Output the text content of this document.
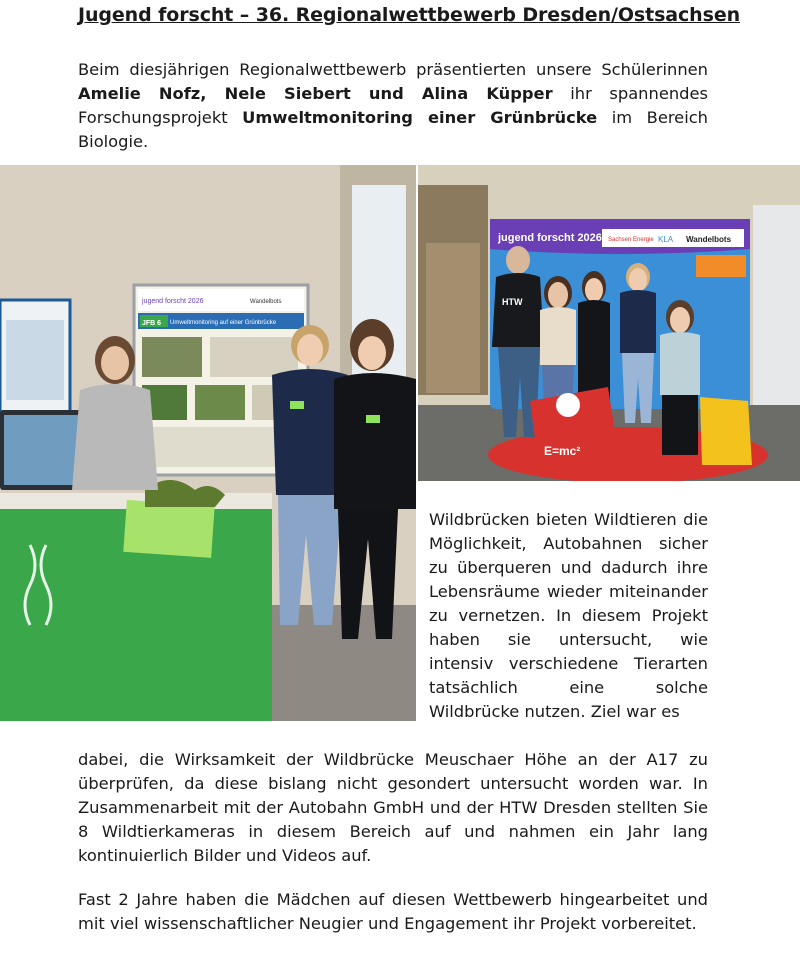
Jugend forscht – 36. Regionalwettbewerb Dresden/Ostsachsen
Beim diesjährigen Regionalwettbewerb präsentierten unsere Schülerinnen Amelie Nofz, Nele Siebert und Alina Küpper ihr spannendes Forschungsprojekt Umweltmonitoring einer Grünbrücke im Bereich Biologie.
jugend forscht 2026	Wandelbots
Umweltmonitoring auf einer Grünbrücke
JFB 6
jugend forscht 2026 Sachsen Energie KLA Wandelbots
HTW
E=mc²
Wildbrücken bieten Wildtieren die Möglichkeit, Autobahnen sicher zu überqueren und dadurch ihre Lebensräume wieder miteinander zu vernetzen. In diesem Projekt haben sie untersucht, wie intensiv verschiedene Tierarten tatsächlich eine solche Wildbrücke nutzen. Ziel war es
dabei, die Wirksamkeit der Wildbrücke Meuschaer Höhe an der A17 zu überprüfen, da diese bislang nicht gesondert untersucht worden war. In Zusammenarbeit mit der Autobahn GmbH und der HTW Dresden stellten Sie 8 Wildtierkameras in diesem Bereich auf und nahmen ein Jahr lang kontinuierlich Bilder und Videos auf.
Fast 2 Jahre haben die Mädchen auf diesen Wettbewerb hingearbeitet und mit viel wissenschaftlicher Neugier und Engagement ihr Projekt vorbereitet.
